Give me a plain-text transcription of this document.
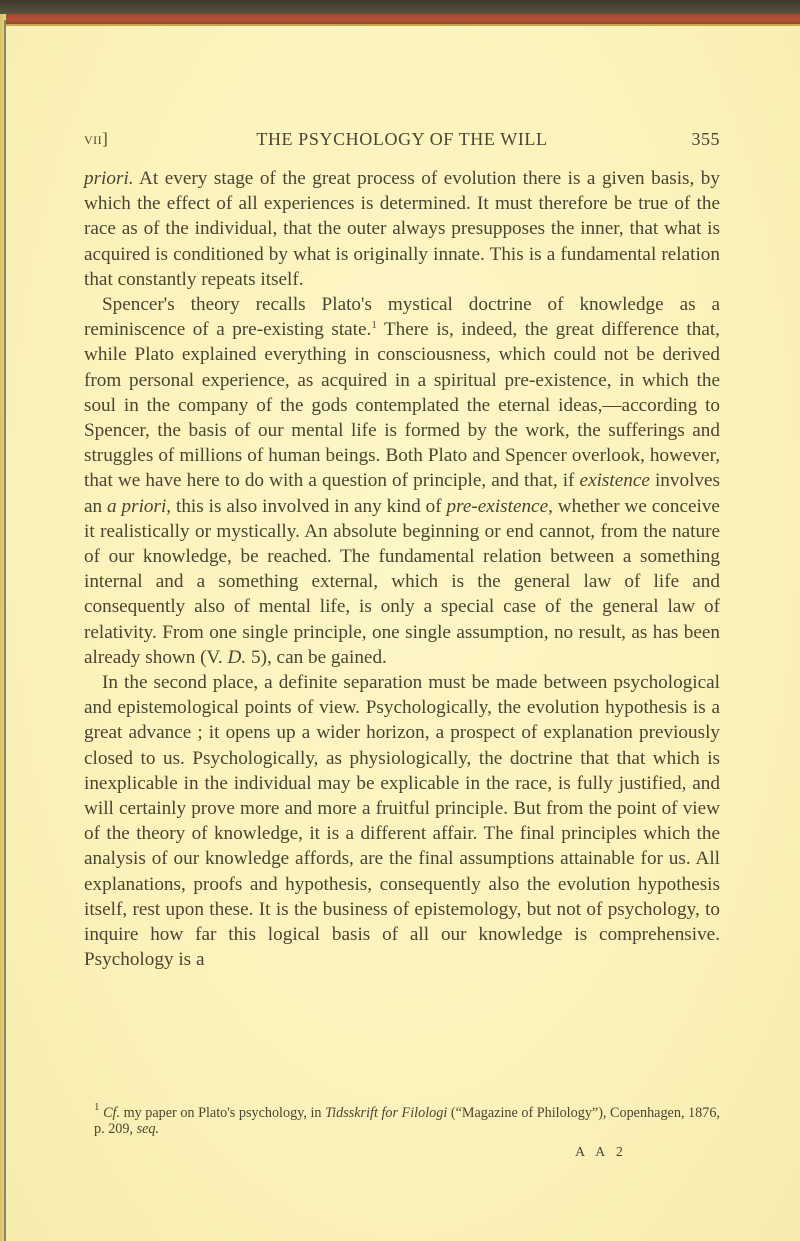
vii]	THE PSYCHOLOGY OF THE WILL	355

priori. At every stage of the great process of evolution there is a given basis, by which the effect of all experiences is determined. It must therefore be true of the race as of the individual, that the outer always presupposes the inner, that what is acquired is conditioned by what is originally innate. This is a fundamental relation that constantly repeats itself.

Spencer's theory recalls Plato's mystical doctrine of knowledge as a reminiscence of a pre-existing state.$^1$ There is, indeed, the great difference that, while Plato explained everything in consciousness, which could not be derived from personal experience, as acquired in a spiritual pre-existence, in which the soul in the company of the gods contemplated the eternal ideas,—according to Spencer, the basis of our mental life is formed by the work, the sufferings and struggles of millions of human beings. Both Plato and Spencer overlook, however, that we have here to do with a question of principle, and that, if existence involves an a priori, this is also involved in any kind of pre-existence, whether we conceive it realistically or mystically. An absolute beginning or end cannot, from the nature of our knowledge, be reached. The fundamental relation between a something internal and a something external, which is the general law of life and consequently also of mental life, is only a special case of the general law of relativity. From one single principle, one single assumption, no result, as has been already shown (V. D. 5), can be gained.

In the second place, a definite separation must be made between psychological and epistemological points of view. Psychologically, the evolution hypothesis is a great advance ; it opens up a wider horizon, a prospect of explanation previously closed to us. Psychologically, as physiologically, the doctrine that that which is inexplicable in the individual may be explicable in the race, is fully justified, and will certainly prove more and more a fruitful principle. But from the point of view of the theory of knowledge, it is a different affair. The final principles which the analysis of our knowledge affords, are the final assumptions attainable for us. All explanations, proofs and hypothesis, consequently also the evolution hypothesis itself, rest upon these. It is the business of epistemology, but not of psychology, to inquire how far this logical basis of all our knowledge is comprehensive. Psychology is a

$^1$ Cf. my paper on Plato's psychology, in Tidsskrift for Filologi (“Magazine of Philology”), Copenhagen, 1876, p. 209, seq.
A A 2
